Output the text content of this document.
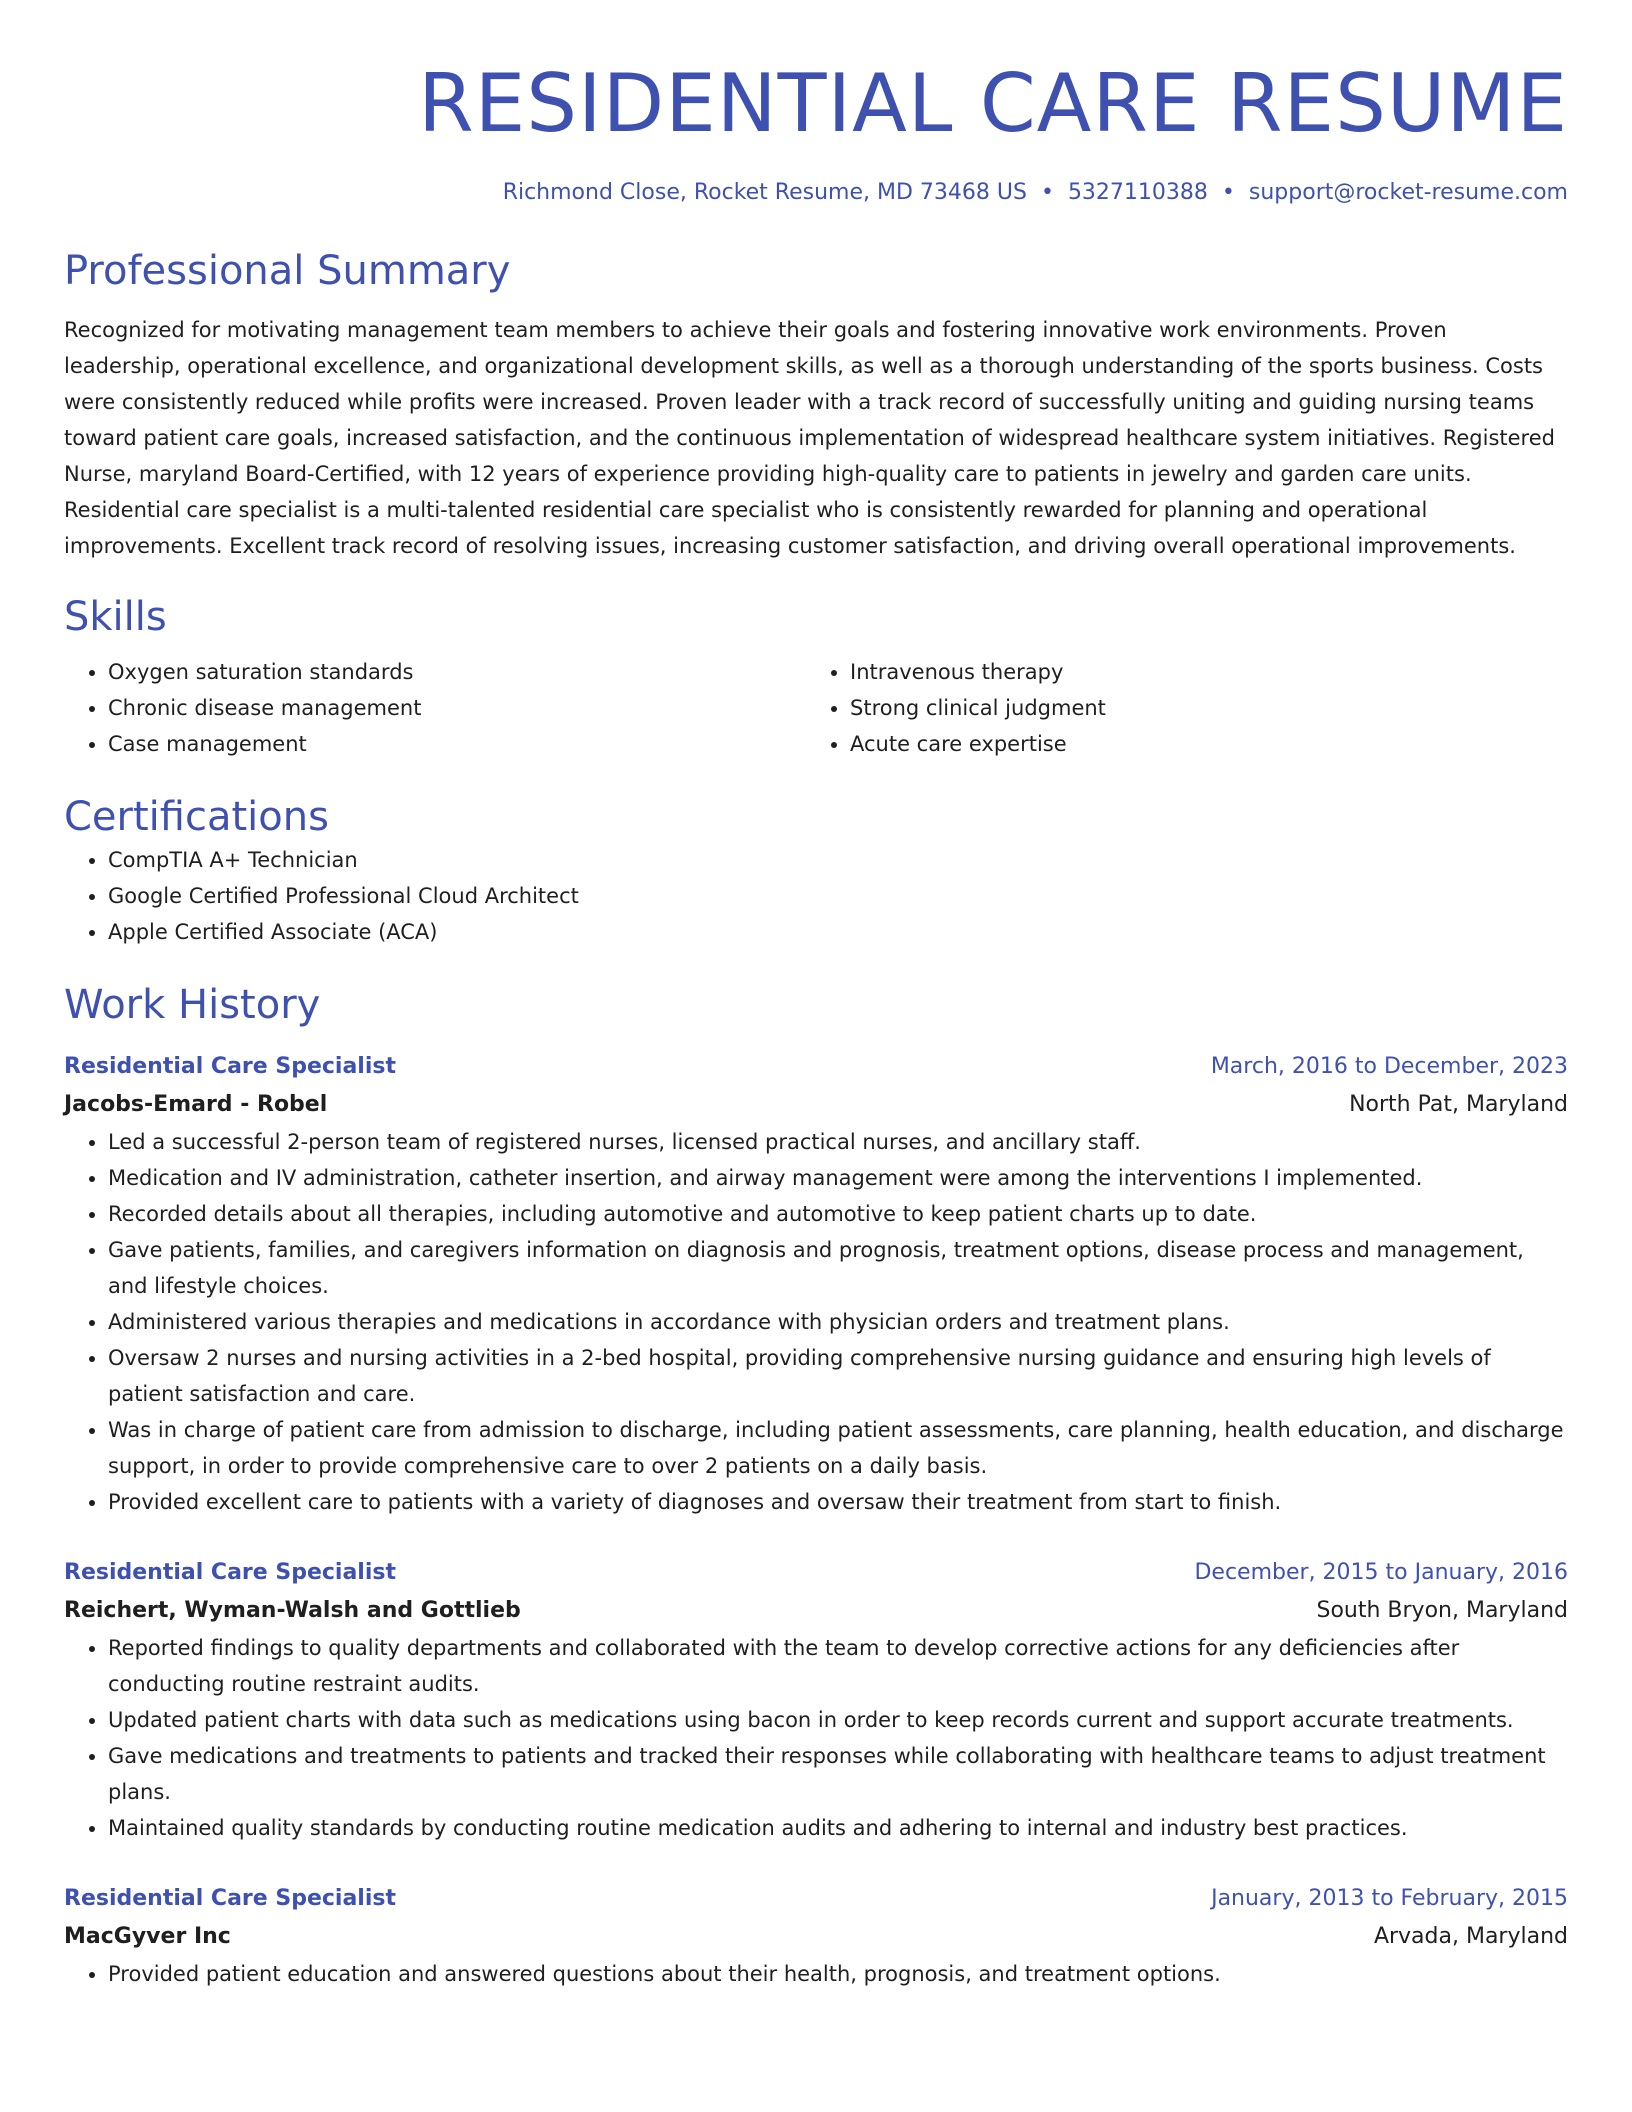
RESIDENTIAL CARE RESUME
Richmond Close, Rocket Resume, MD 73468 US • 5327110388 • support@rocket-resume.com
Professional Summary

Recognized for motivating management team members to achieve their goals and fostering innovative work environments. Proven leadership, operational excellence, and organizational development skills, as well as a thorough understanding of the sports business. Costs were consistently reduced while profits were increased. Proven leader with a track record of successfully uniting and guiding nursing teams toward patient care goals, increased satisfaction, and the continuous implementation of widespread healthcare system initiatives. Registered Nurse, maryland Board-Certified, with 12 years of experience providing high-quality care to patients in jewelry and garden care units. Residential care specialist is a multi-talented residential care specialist who is consistently rewarded for planning and operational improvements. Excellent track record of resolving issues, increasing customer satisfaction, and driving overall operational improvements.

Skills
• Oxygen saturation standards
• Chronic disease management
• Case management
• Intravenous therapy
• Strong clinical judgment
• Acute care expertise
Certifications
• CompTIA A+ Technician
• Google Certified Professional Cloud Architect
• Apple Certified Associate (ACA)
Work History
Residential Care Specialist	March, 2016 to December, 2023
Jacobs-Emard - Robel	North Pat, Maryland
• Led a successful 2-person team of registered nurses, licensed practical nurses, and ancillary staff.
• Medication and IV administration, catheter insertion, and airway management were among the interventions I implemented.
• Recorded details about all therapies, including automotive and automotive to keep patient charts up to date.
• Gave patients, families, and caregivers information on diagnosis and prognosis, treatment options, disease process and management, and lifestyle choices.
• Administered various therapies and medications in accordance with physician orders and treatment plans.
• Oversaw 2 nurses and nursing activities in a 2-bed hospital, providing comprehensive nursing guidance and ensuring high levels of patient satisfaction and care.
• Was in charge of patient care from admission to discharge, including patient assessments, care planning, health education, and discharge support, in order to provide comprehensive care to over 2 patients on a daily basis.
• Provided excellent care to patients with a variety of diagnoses and oversaw their treatment from start to finish.
Residential Care Specialist	December, 2015 to January, 2016
Reichert, Wyman-Walsh and Gottlieb	South Bryon, Maryland
• Reported findings to quality departments and collaborated with the team to develop corrective actions for any deficiencies after conducting routine restraint audits.
• Updated patient charts with data such as medications using bacon in order to keep records current and support accurate treatments.
• Gave medications and treatments to patients and tracked their responses while collaborating with healthcare teams to adjust treatment plans.
• Maintained quality standards by conducting routine medication audits and adhering to internal and industry best practices.
Residential Care Specialist	January, 2013 to February, 2015
MacGyver Inc	Arvada, Maryland
• Provided patient education and answered questions about their health, prognosis, and treatment options.
